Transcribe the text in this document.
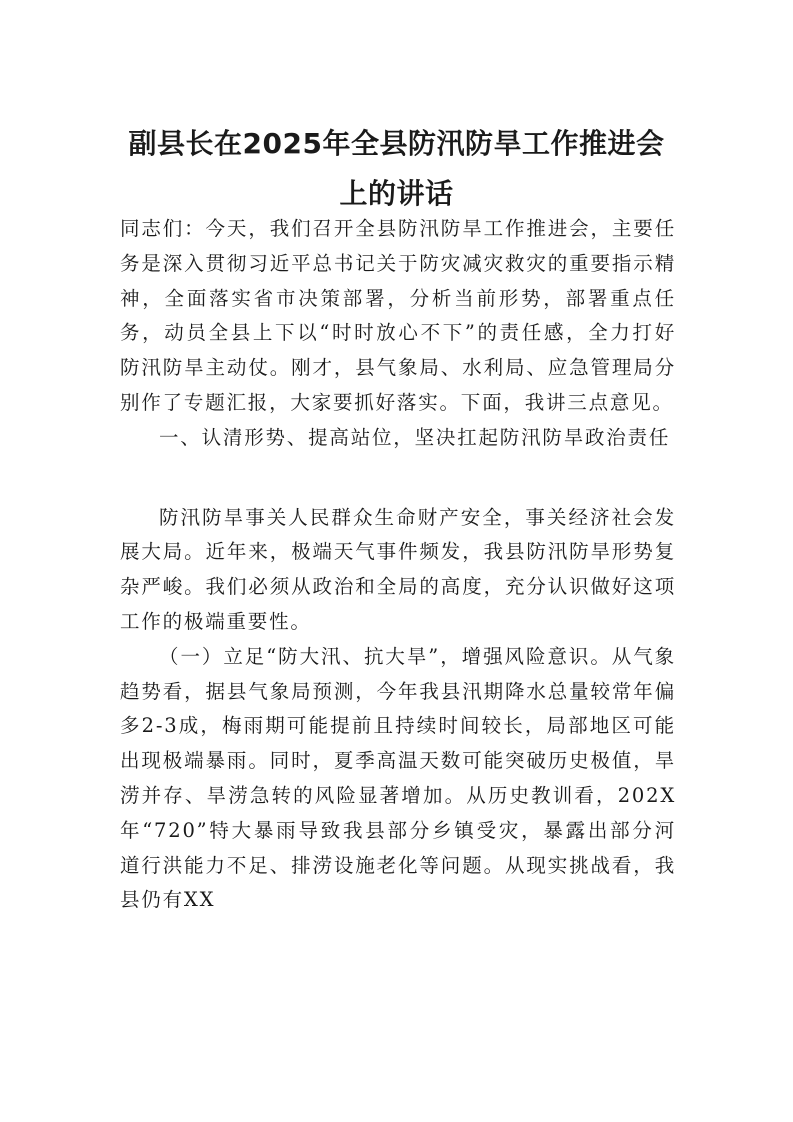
副县长在2025年全县防汛防旱工作推进会
上的讲话

同志们：今天，我们召开全县防汛防旱工作推进会，主要任务是深入贯彻习近平总书记关于防灾减灾救灾的重要指示精神，全面落实省市决策部署，分析当前形势，部署重点任务，动员全县上下以“时时放心不下”的责任感，全力打好防汛防旱主动仗。刚才，县气象局、水利局、应急管理局分别作了专题汇报，大家要抓好落实。下面，我讲三点意见。

一、认清形势、提高站位，坚决扛起防汛防旱政治责任

防汛防旱事关人民群众生命财产安全，事关经济社会发展大局。近年来，极端天气事件频发，我县防汛防旱形势复杂严峻。我们必须从政治和全局的高度，充分认识做好这项工作的极端重要性。

（一）立足“防大汛、抗大旱”，增强风险意识。从气象趋势看，据县气象局预测，今年我县汛期降水总量较常年偏多2-3成，梅雨期可能提前且持续时间较长，局部地区可能出现极端暴雨。同时，夏季高温天数可能突破历史极值，旱涝并存、旱涝急转的风险显著增加。从历史教训看，202X年“720”特大暴雨导致我县部分乡镇受灾，暴露出部分河道行洪能力不足、排涝设施老化等问题。从现实挑战看，我县仍有XX
